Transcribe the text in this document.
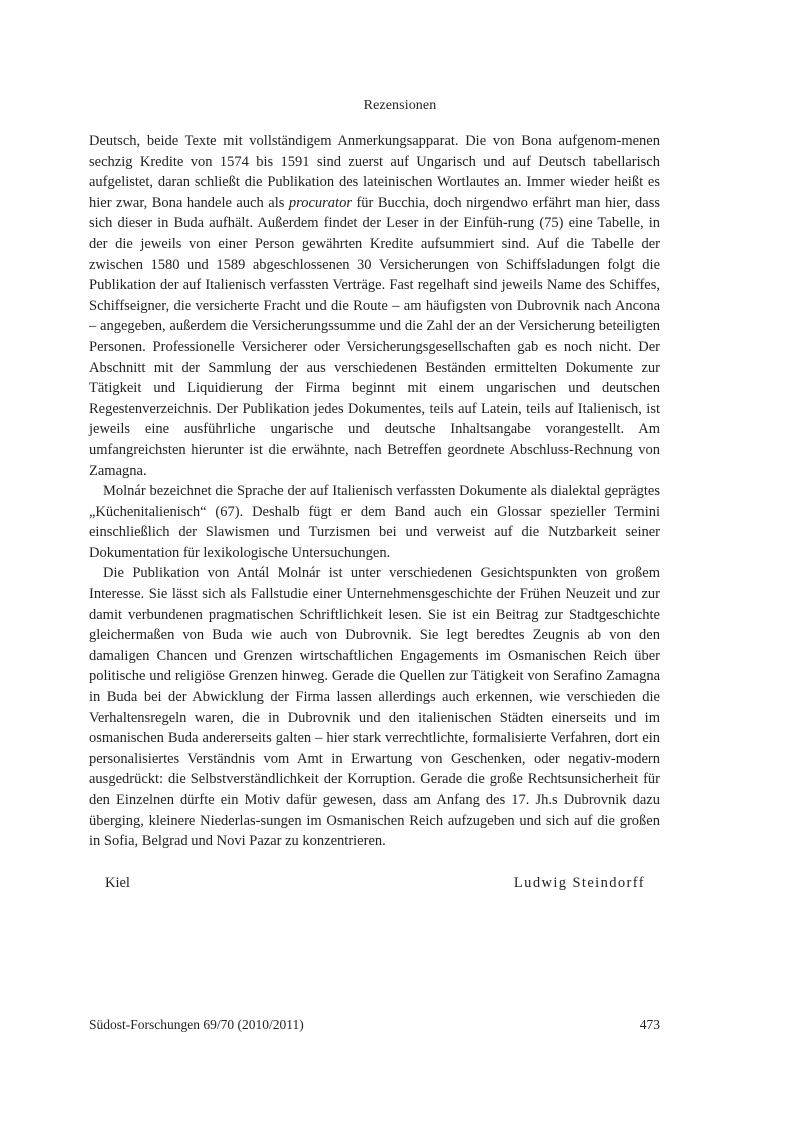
Rezensionen

Deutsch, beide Texte mit vollständigem Anmerkungsapparat. Die von Bona aufgenom-menen sechzig Kredite von 1574 bis 1591 sind zuerst auf Ungarisch und auf Deutsch tabellarisch aufgelistet, daran schließt die Publikation des lateinischen Wortlautes an. Immer wieder heißt es hier zwar, Bona handele auch als procurator für Bucchia, doch nirgendwo erfährt man hier, dass sich dieser in Buda aufhält. Außerdem findet der Leser in der Einfüh-rung (75) eine Tabelle, in der die jeweils von einer Person gewährten Kredite aufsummiert sind. Auf die Tabelle der zwischen 1580 und 1589 abgeschlossenen 30 Versicherungen von Schiffsladungen folgt die Publikation der auf Italienisch verfassten Verträge. Fast regelhaft sind jeweils Name des Schiffes, Schiffseigner, die versicherte Fracht und die Route – am häufigsten von Dubrovnik nach Ancona – angegeben, außerdem die Versicherungssumme und die Zahl der an der Versicherung beteiligten Personen. Professionelle Versicherer oder Versicherungsgesellschaften gab es noch nicht. Der Abschnitt mit der Sammlung der aus verschiedenen Beständen ermittelten Dokumente zur Tätigkeit und Liquidierung der Firma beginnt mit einem ungarischen und deutschen Regestenverzeichnis. Der Publikation jedes Dokumentes, teils auf Latein, teils auf Italienisch, ist jeweils eine ausführliche ungarische und deutsche Inhaltsangabe vorangestellt. Am umfangreichsten hierunter ist die erwähnte, nach Betreffen geordnete Abschluss-Rechnung von Zamagna.

Molnár bezeichnet die Sprache der auf Italienisch verfassten Dokumente als dialektal geprägtes „Küchenitalienisch“ (67). Deshalb fügt er dem Band auch ein Glossar spezieller Termini einschließlich der Slawismen und Turzismen bei und verweist auf die Nutzbarkeit seiner Dokumentation für lexikologische Untersuchungen.

Die Publikation von Antál Molnár ist unter verschiedenen Gesichtspunkten von großem Interesse. Sie lässt sich als Fallstudie einer Unternehmensgeschichte der Frühen Neuzeit und zur damit verbundenen pragmatischen Schriftlichkeit lesen. Sie ist ein Beitrag zur Stadtgeschichte gleichermaßen von Buda wie auch von Dubrovnik. Sie legt beredtes Zeugnis ab von den damaligen Chancen und Grenzen wirtschaftlichen Engagements im Osmanischen Reich über politische und religiöse Grenzen hinweg. Gerade die Quellen zur Tätigkeit von Serafino Zamagna in Buda bei der Abwicklung der Firma lassen allerdings auch erkennen, wie verschieden die Verhaltensregeln waren, die in Dubrovnik und den italienischen Städten einerseits und im osmanischen Buda andererseits galten – hier stark verrechtlichte, formalisierte Verfahren, dort ein personalisiertes Verständnis vom Amt in Erwartung von Geschenken, oder negativ-modern ausgedrückt: die Selbstverständlichkeit der Korruption. Gerade die große Rechtsunsicherheit für den Einzelnen dürfte ein Motiv dafür gewesen, dass am Anfang des 17. Jh.s Dubrovnik dazu überging, kleinere Niederlas-sungen im Osmanischen Reich aufzugeben und sich auf die großen in Sofia, Belgrad und Novi Pazar zu konzentrieren.

Kiel	Ludwig Steindorff
Südost-Forschungen 69/70 (2010/2011)	473
